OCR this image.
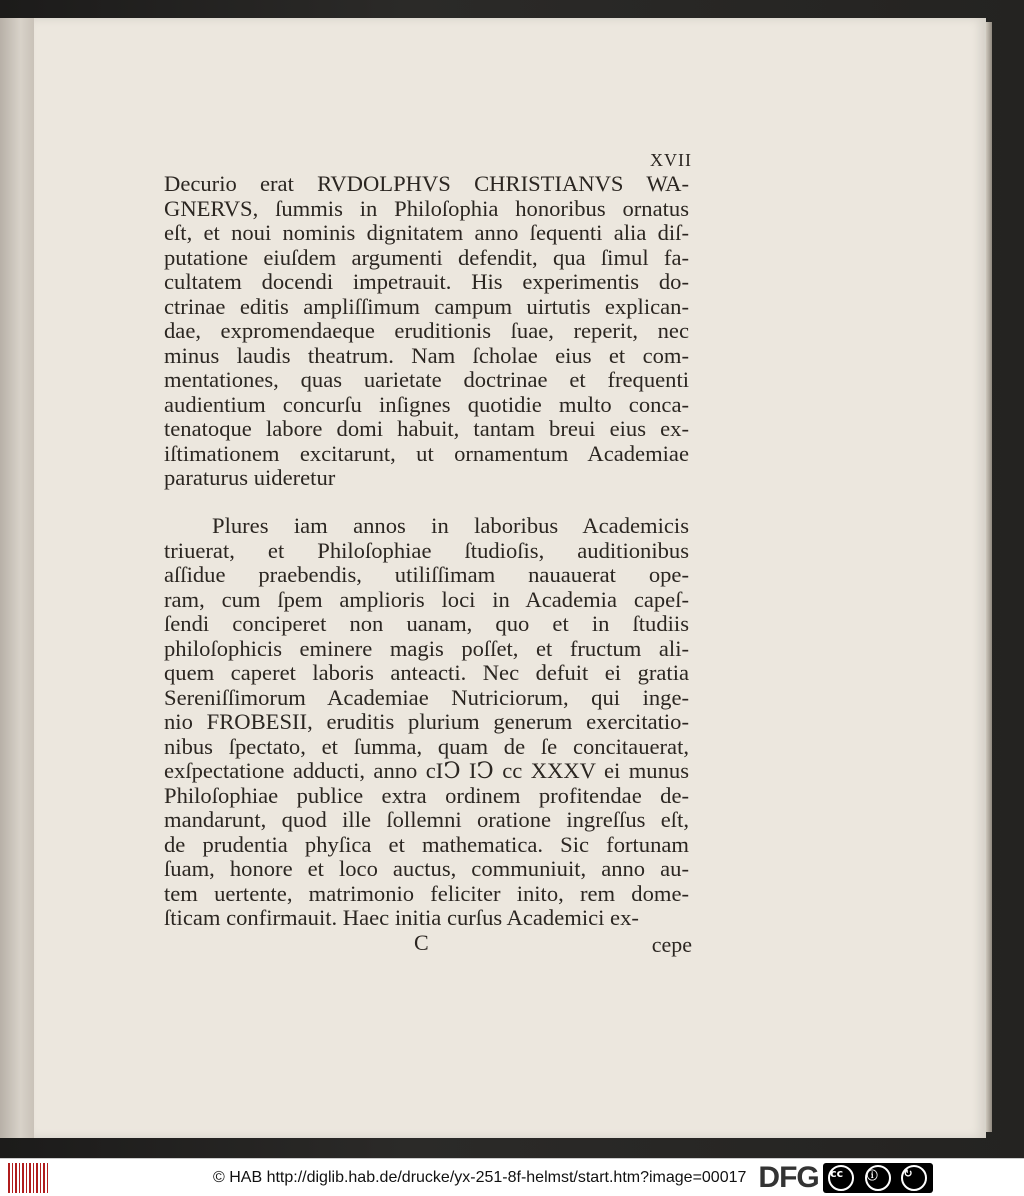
XVII
Decurio erat RVDOLPHVS CHRISTIANVS WA-
GNERVS, ſummis in Philoſophia honoribus ornatus
eſt, et noui nominis dignitatem anno ſequenti alia diſ-
putatione eiuſdem argumenti defendit, qua ſimul fa-
cultatem docendi impetrauit. His experimentis do-
ctrinae editis ampliſſimum campum uirtutis explican-
dae, expromendaeque eruditionis ſuae, reperit, nec
minus laudis theatrum. Nam ſcholae eius et com-
mentationes, quas uarietate doctrinae et frequenti
audientium concurſu inſignes quotidie multo conca-
tenatoque labore domi habuit, tantam breui eius ex-
iſtimationem excitarunt, ut ornamentum Academiae
paraturus uideretur
Plures iam annos in laboribus Academicis
triuerat, et Philoſophiae ſtudioſis, auditionibus
aſſidue praebendis, utiliſſimam nauauerat ope-
ram, cum ſpem amplioris loci in Academia capeſ-
ſendi conciperet non uanam, quo et in ſtudiis
philoſophicis eminere magis poſſet, et fructum ali-
quem caperet laboris anteacti. Nec defuit ei gratia
Sereniſſimorum Academiae Nutriciorum, qui inge-
nio FROBESII, eruditis plurium generum exercitatio-
nibus ſpectato, et ſumma, quam de ſe concitauerat,
exſpectatione adducti, anno cIↃ IↃ cc XXXV ei munus
Philoſophiae publice extra ordinem profitendae de-
mandarunt, quod ille ſollemni oratione ingreſſus eſt,
de prudentia phyſica et mathematica. Sic fortunam
ſuam, honore et loco auctus, communiuit, anno au-
tem uertente, matrimonio feliciter inito, rem dome-
ſticam confirmauit. Haec initia curſus Academici ex-
C	cepe
© HAB http://diglib.hab.de/drucke/yx-251-8f-helmst/start.htm?image=00017 DFG cc	ⓘ	↻
